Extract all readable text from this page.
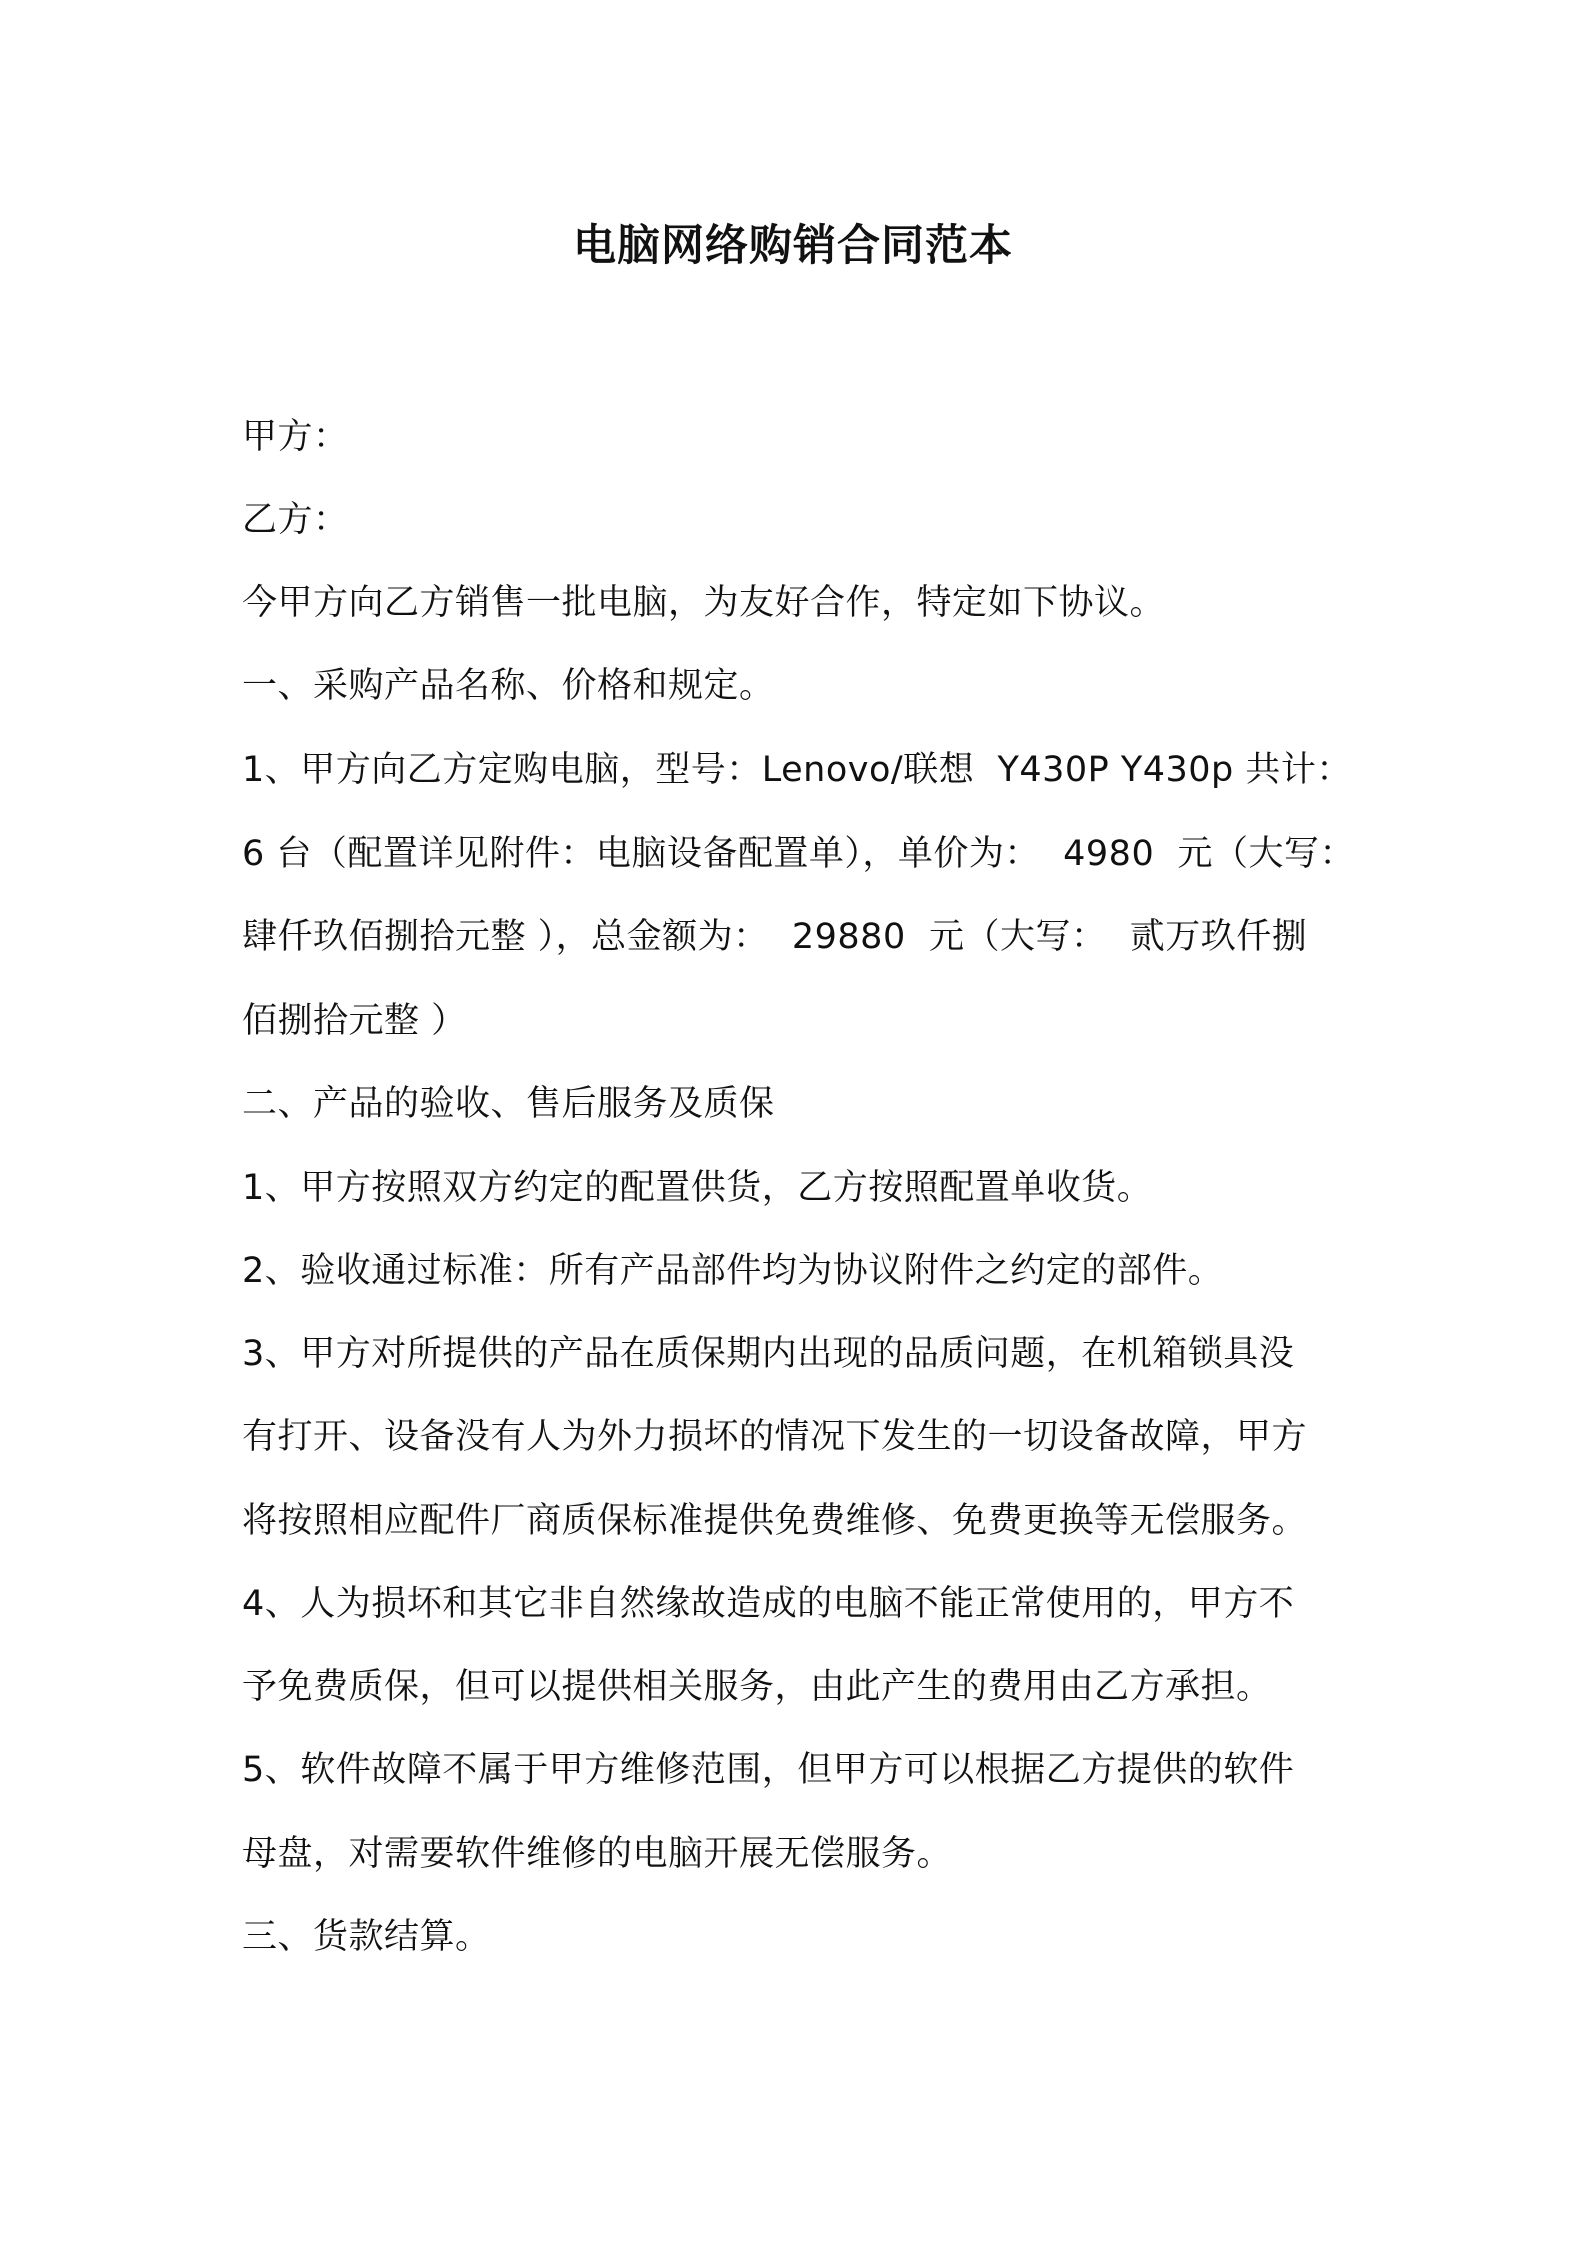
电脑网络购销合同范本
甲方：
乙方：
今甲方向乙方销售一批电脑，为友好合作，特定如下协议。
一、采购产品名称、价格和规定。
1、甲方向乙方定购电脑，型号：Lenovo/联想  Y430P Y430p 共计：
6 台（配置详见附件：电脑设备配置单），单价为：  4980  元（大写：
肆仟玖佰捌拾元整 ），总金额为：  29880  元（大写：  贰万玖仟捌
佰捌拾元整 ）
二、产品的验收、售后服务及质保
1、甲方按照双方约定的配置供货，乙方按照配置单收货。
2、验收通过标准：所有产品部件均为协议附件之约定的部件。
3、甲方对所提供的产品在质保期内出现的品质问题，在机箱锁具没
有打开、设备没有人为外力损坏的情况下发生的一切设备故障，甲方
将按照相应配件厂商质保标准提供免费维修、免费更换等无偿服务。
4、人为损坏和其它非自然缘故造成的电脑不能正常使用的，甲方不
予免费质保，但可以提供相关服务，由此产生的费用由乙方承担。
5、软件故障不属于甲方维修范围，但甲方可以根据乙方提供的软件
母盘，对需要软件维修的电脑开展无偿服务。
三、货款结算。
